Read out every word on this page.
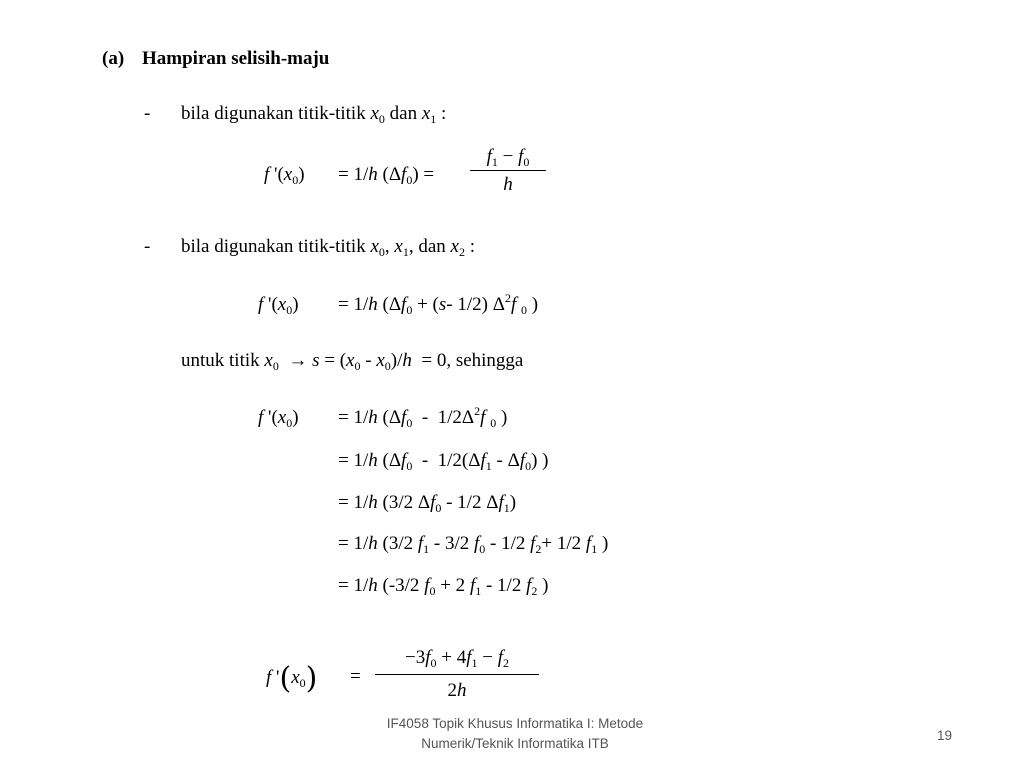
(a) Hampiran selisih-maju
- bila digunakan titik-titik $x_0$ dan $x_1$ :
f '$(x_0) = 1/h$ $(\Delta f_0)$ =
$f_1 - f_0$
h
- bila digunakan titik-titik $x_0$, $x_1$, dan $x_2$ :
f '$(x_0) = 1/h$ ($\Delta f_0 + (s-$ 1/2) $\Delta^2f$ $_0$ )
untuk titik $x_0 \to s = (x_0 - x_0)/h = 0$, sehingga
f '$(x_0) = 1/h$ ($\Delta f_0 - 1/2\Delta^2f$ $_0$ )
= 1/h ($\Delta f_0 - 1/2(\Delta f_1 - \Delta f_0)$ )
= 1/h (3/2 $\Delta f_0 - 1/2$ $\Delta f_1$)
= 1/h (3/2 $f_1 - 3/2$ $f_0 - 1/2$ $f_2+ 1/2$ $f_1$ )
= 1/h (-3/2 $f_0 + 2$ $f_1 - 1/2$ $f_2$ )
f '$(x_0)$ =
$-3f_0 + 4f_1 - f_2$
2h
IF4058 Topik Khusus Informatika I: Metode
Numerik/Teknik Informatika ITB
19
